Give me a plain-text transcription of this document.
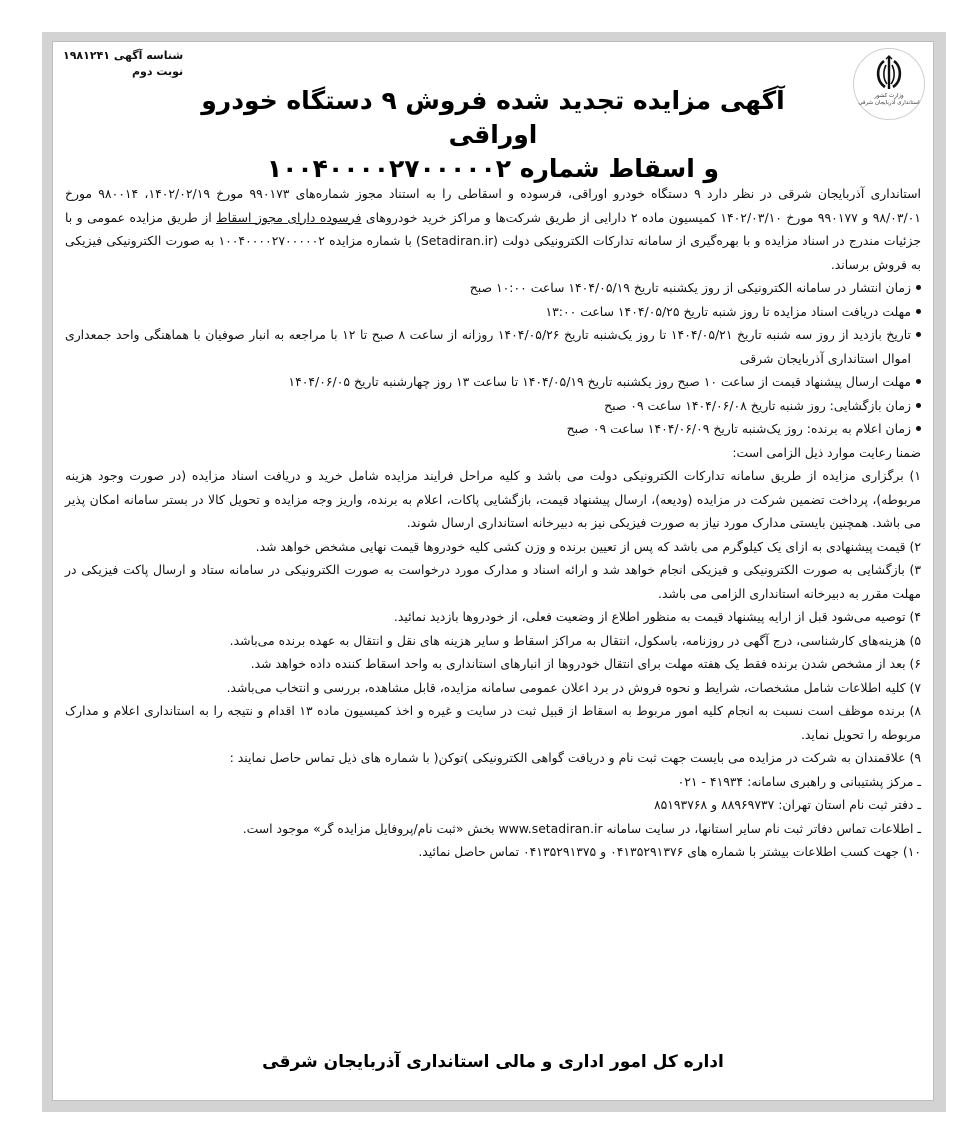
شناسه آگهی ۱۹۸۱۲۴۱
نوبت دوم
وزارت کشور
استانداری آذربایجان شرقی
آگهی مزایده تجدید شده فروش ۹ دستگاه خودرو اوراقی
و اسقاط شماره ۱۰۰۴۰۰۰۰۲۷۰۰۰۰۰۲

استانداری آذربایجان شرقی در نظر دارد ۹ دستگاه خودرو اوراقی، فرسوده و اسقاطی را به استناد مجوز شماره‌های ۹۹۰۱۷۳ مورخ ۱۴۰۲/۰۲/۱۹، ۹۸۰۰۱۴ مورخ ۹۸/۰۳/۰۱ و ۹۹۰۱۷۷ مورخ ۱۴۰۲/۰۳/۱۰ کمیسیون ماده ۲ دارایی از طریق شرکت‌ها و مراکز خرید خودروهای فرسوده دارای مجوز اسقاط از طریق مزایده عمومی و با جزئیات مندرج در اسناد مزایده و با بهره‌گیری از سامانه تدارکات الکترونیکی دولت (Setadiran.ir) با شماره مزایده ۱۰۰۴۰۰۰۰۲۷۰۰۰۰۰۲ به صورت الکترونیکی فیزیکی به فروش برساند.

زمان انتشار در سامانه الکترونیکی از روز یکشنبه تاریخ ۱۴۰۴/۰۵/۱۹ ساعت ۱۰:۰۰ صبح
مهلت دریافت اسناد مزایده تا روز شنبه تاریخ ۱۴۰۴/۰۵/۲۵ ساعت ۱۳:۰۰
تاریخ بازدید از روز سه شنبه تاریخ ۱۴۰۴/۰۵/۲۱ تا روز یک‌شنبه تاریخ ۱۴۰۴/۰۵/۲۶ روزانه از ساعت ۸ صبح تا ۱۲ با مراجعه به انبار صوفیان با هماهنگی واحد جمعداری اموال استانداری آذربایجان شرقی
مهلت ارسال پیشنهاد قیمت از ساعت ۱۰ صبح روز یکشنبه تاریخ ۱۴۰۴/۰۵/۱۹ تا ساعت ۱۳ روز چهارشنبه تاریخ ۱۴۰۴/۰۶/۰۵
زمان بازگشایی: روز شنبه تاریخ ۱۴۰۴/۰۶/۰۸ ساعت ۰۹ صبح
زمان اعلام به برنده: روز یک‌شنبه تاریخ ۱۴۰۴/۰۶/۰۹ ساعت ۰۹ صبح

ضمنا رعایت موارد ذیل الزامی است:

۱) برگزاری مزایده از طریق سامانه تدارکات الکترونیکی دولت می باشد و کلیه مراحل فرایند مزایده شامل خرید و دریافت اسناد مزایده (در صورت وجود هزینه مربوطه)، پرداخت تضمین شرکت در مزایده (ودیعه)، ارسال پیشنهاد قیمت، بازگشایی پاکات، اعلام به برنده، واریز وجه مزایده و تحویل کالا در بستر سامانه امکان پذیر می باشد. همچنین بایستی مدارک مورد نیاز به صورت فیزیکی نیز به دبیرخانه استانداری ارسال شوند.

۲) قیمت پیشنهادی به ازای یک کیلوگرم می باشد که پس از تعیین برنده و وزن کشی کلیه خودروها قیمت نهایی مشخص خواهد شد.

۳) بازگشایی به صورت الکترونیکی و فیزیکی انجام خواهد شد و ارائه اسناد و مدارک مورد درخواست به صورت الکترونیکی در سامانه ستاد و ارسال پاکت فیزیکی در مهلت مقرر به دبیرخانه استانداری الزامی می باشد.

۴) توصیه می‌شود قبل از ارایه پیشنهاد قیمت به منظور اطلاع از وضعیت فعلی، از خودروها بازدید نمائید.

۵) هزینه‌های کارشناسی، درج آگهی در روزنامه، باسکول، انتقال به مراکز اسقاط و سایر هزینه های نقل و انتقال به عهده برنده می‌باشد.

۶) بعد از مشخص شدن برنده فقط یک هفته مهلت برای انتقال خودروها از انبارهای استانداری به واحد اسقاط کننده داده خواهد شد.

۷) کلیه اطلاعات شامل مشخصات، شرایط و نحوه فروش در برد اعلان عمومی سامانه مزایده، قابل مشاهده، بررسی و انتخاب می‌باشد.

۸) برنده موظف است نسبت به انجام کلیه امور مربوط به اسقاط از قبیل ثبت در سایت و غیره و اخذ کمیسیون ماده ۱۳ اقدام و نتیجه را به استانداری اعلام و مدارک مربوطه را تحویل نماید.

۹) علاقمندان به شرکت در مزایده می بایست جهت ثبت نام و دریافت گواهی الکترونیکی )توکن( با شماره های ذیل تماس حاصل نمایند :

ـ مرکز پشتیبانی و راهبری سامانه: ۴۱۹۳۴ - ۰۲۱

ـ دفتر ثبت نام استان تهران: ۸۸۹۶۹۷۳۷ و ۸۵۱۹۳۷۶۸

ـ اطلاعات تماس دفاتر ثبت نام سایر استانها، در سایت سامانه www.setadiran.ir بخش «ثبت نام/پروفایل مزایده گر» موجود است.

۱۰) جهت کسب اطلاعات بیشتر با شماره های ۰۴۱۳۵۲۹۱۳۷۶ و ۰۴۱۳۵۲۹۱۳۷۵ تماس حاصل نمائید.

اداره کل امور اداری و مالی استانداری آذربایجان شرقی
